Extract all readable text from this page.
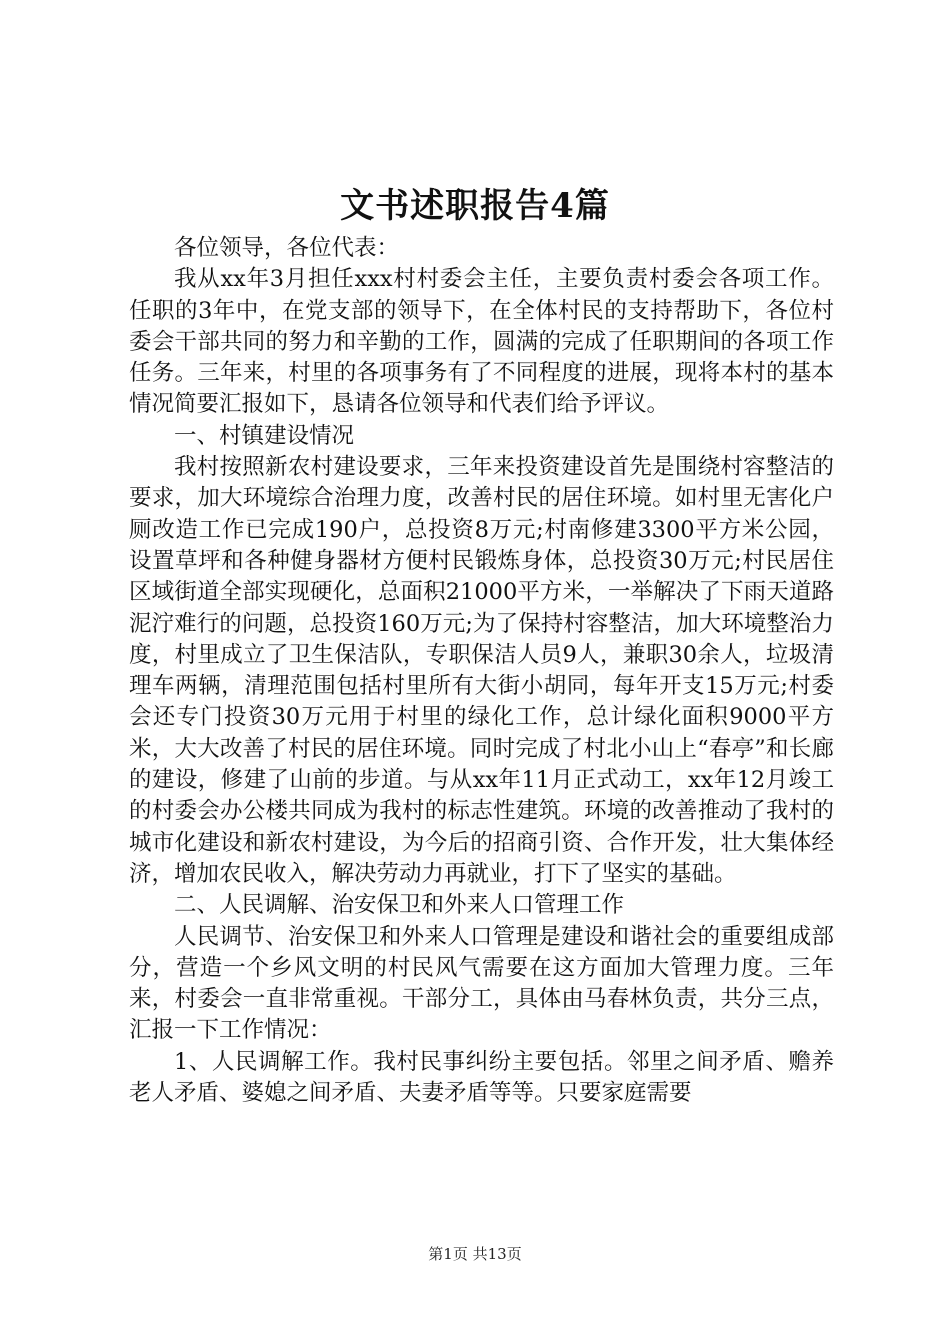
文书述职报告4篇

各位领导，各位代表：

我从xx年3月担任xxx村村委会主任，主要负责村委会各项工作。任职的3年中，在党支部的领导下，在全体村民的支持帮助下，各位村委会干部共同的努力和辛勤的工作，圆满的完成了任职期间的各项工作任务。三年来，村里的各项事务有了不同程度的进展，现将本村的基本情况简要汇报如下，恳请各位领导和代表们给予评议。

一、村镇建设情况

我村按照新农村建设要求，三年来投资建设首先是围绕村容整洁的要求，加大环境综合治理力度，改善村民的居住环境。如村里无害化户厕改造工作已完成190户，总投资8万元;村南修建3300平方米公园，设置草坪和各种健身器材方便村民锻炼身体，总投资30万元;村民居住区域街道全部实现硬化，总面积21000平方米，一举解决了下雨天道路泥泞难行的问题，总投资160万元;为了保持村容整洁，加大环境整治力度，村里成立了卫生保洁队，专职保洁人员9人，兼职30余人，垃圾清理车两辆，清理范围包括村里所有大街小胡同，每年开支15万元;村委会还专门投资30万元用于村里的绿化工作，总计绿化面积9000平方米，大大改善了村民的居住环境。同时完成了村北小山上“春亭”和长廊的建设，修建了山前的步道。与从xx年11月正式动工，xx年12月竣工的村委会办公楼共同成为我村的标志性建筑。环境的改善推动了我村的城市化建设和新农村建设，为今后的招商引资、合作开发，壮大集体经济，增加农民收入，解决劳动力再就业，打下了坚实的基础。

二、人民调解、治安保卫和外来人口管理工作

人民调节、治安保卫和外来人口管理是建设和谐社会的重要组成部分，营造一个乡风文明的村民风气需要在这方面加大管理力度。三年来，村委会一直非常重视。干部分工，具体由马春林负责，共分三点，汇报一下工作情况：

1、人民调解工作。我村民事纠纷主要包括。邻里之间矛盾、赡养老人矛盾、婆媳之间矛盾、夫妻矛盾等等。只要家庭需要

第1页 共13页
